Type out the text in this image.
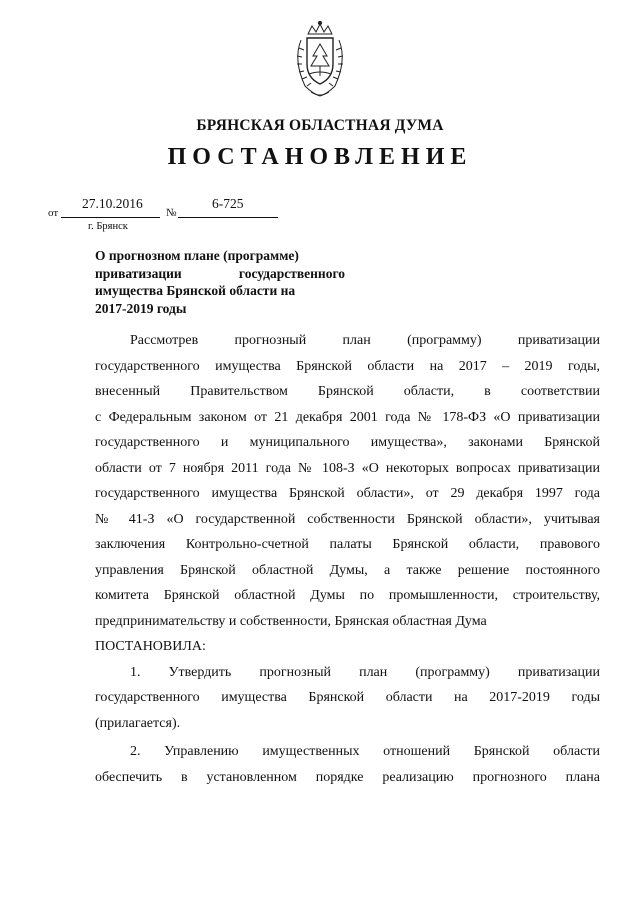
БРЯНСКАЯ ОБЛАСТНАЯ ДУМА
ПОСТАНОВЛЕНИЕ
от
27.10.2016
№
6-725
г. Брянск
О прогнозном плане (программе)
приватизации государственного
имущества Брянской области на
2017-2019 годы

Рассмотрев прогнозный план (программу) приватизации

государственного имущества Брянской области на 2017 – 2019 годы,

внесенный Правительством Брянской области, в соответствии

с Федеральным законом от 21 декабря 2001 года № 178-ФЗ «О приватизации

государственного и муниципального имущества», законами Брянской

области от 7 ноября 2011 года № 108-З «О некоторых вопросах приватизации

государственного имущества Брянской области», от 29 декабря 1997 года

№ 41-З «О государственной собственности Брянской области», учитывая

заключения Контрольно-счетной палаты Брянской области, правового

управления Брянской областной Думы, а также решение постоянного

комитета Брянской областной Думы по промышленности, строительству,

предпринимательству и собственности, Брянская областная Дума

ПОСТАНОВИЛА:

1. Утвердить прогнозный план (программу) приватизации

государственного имущества Брянской области на 2017-2019 годы

(прилагается).

2. Управлению имущественных отношений Брянской области

обеспечить в установленном порядке реализацию прогнозного плана
